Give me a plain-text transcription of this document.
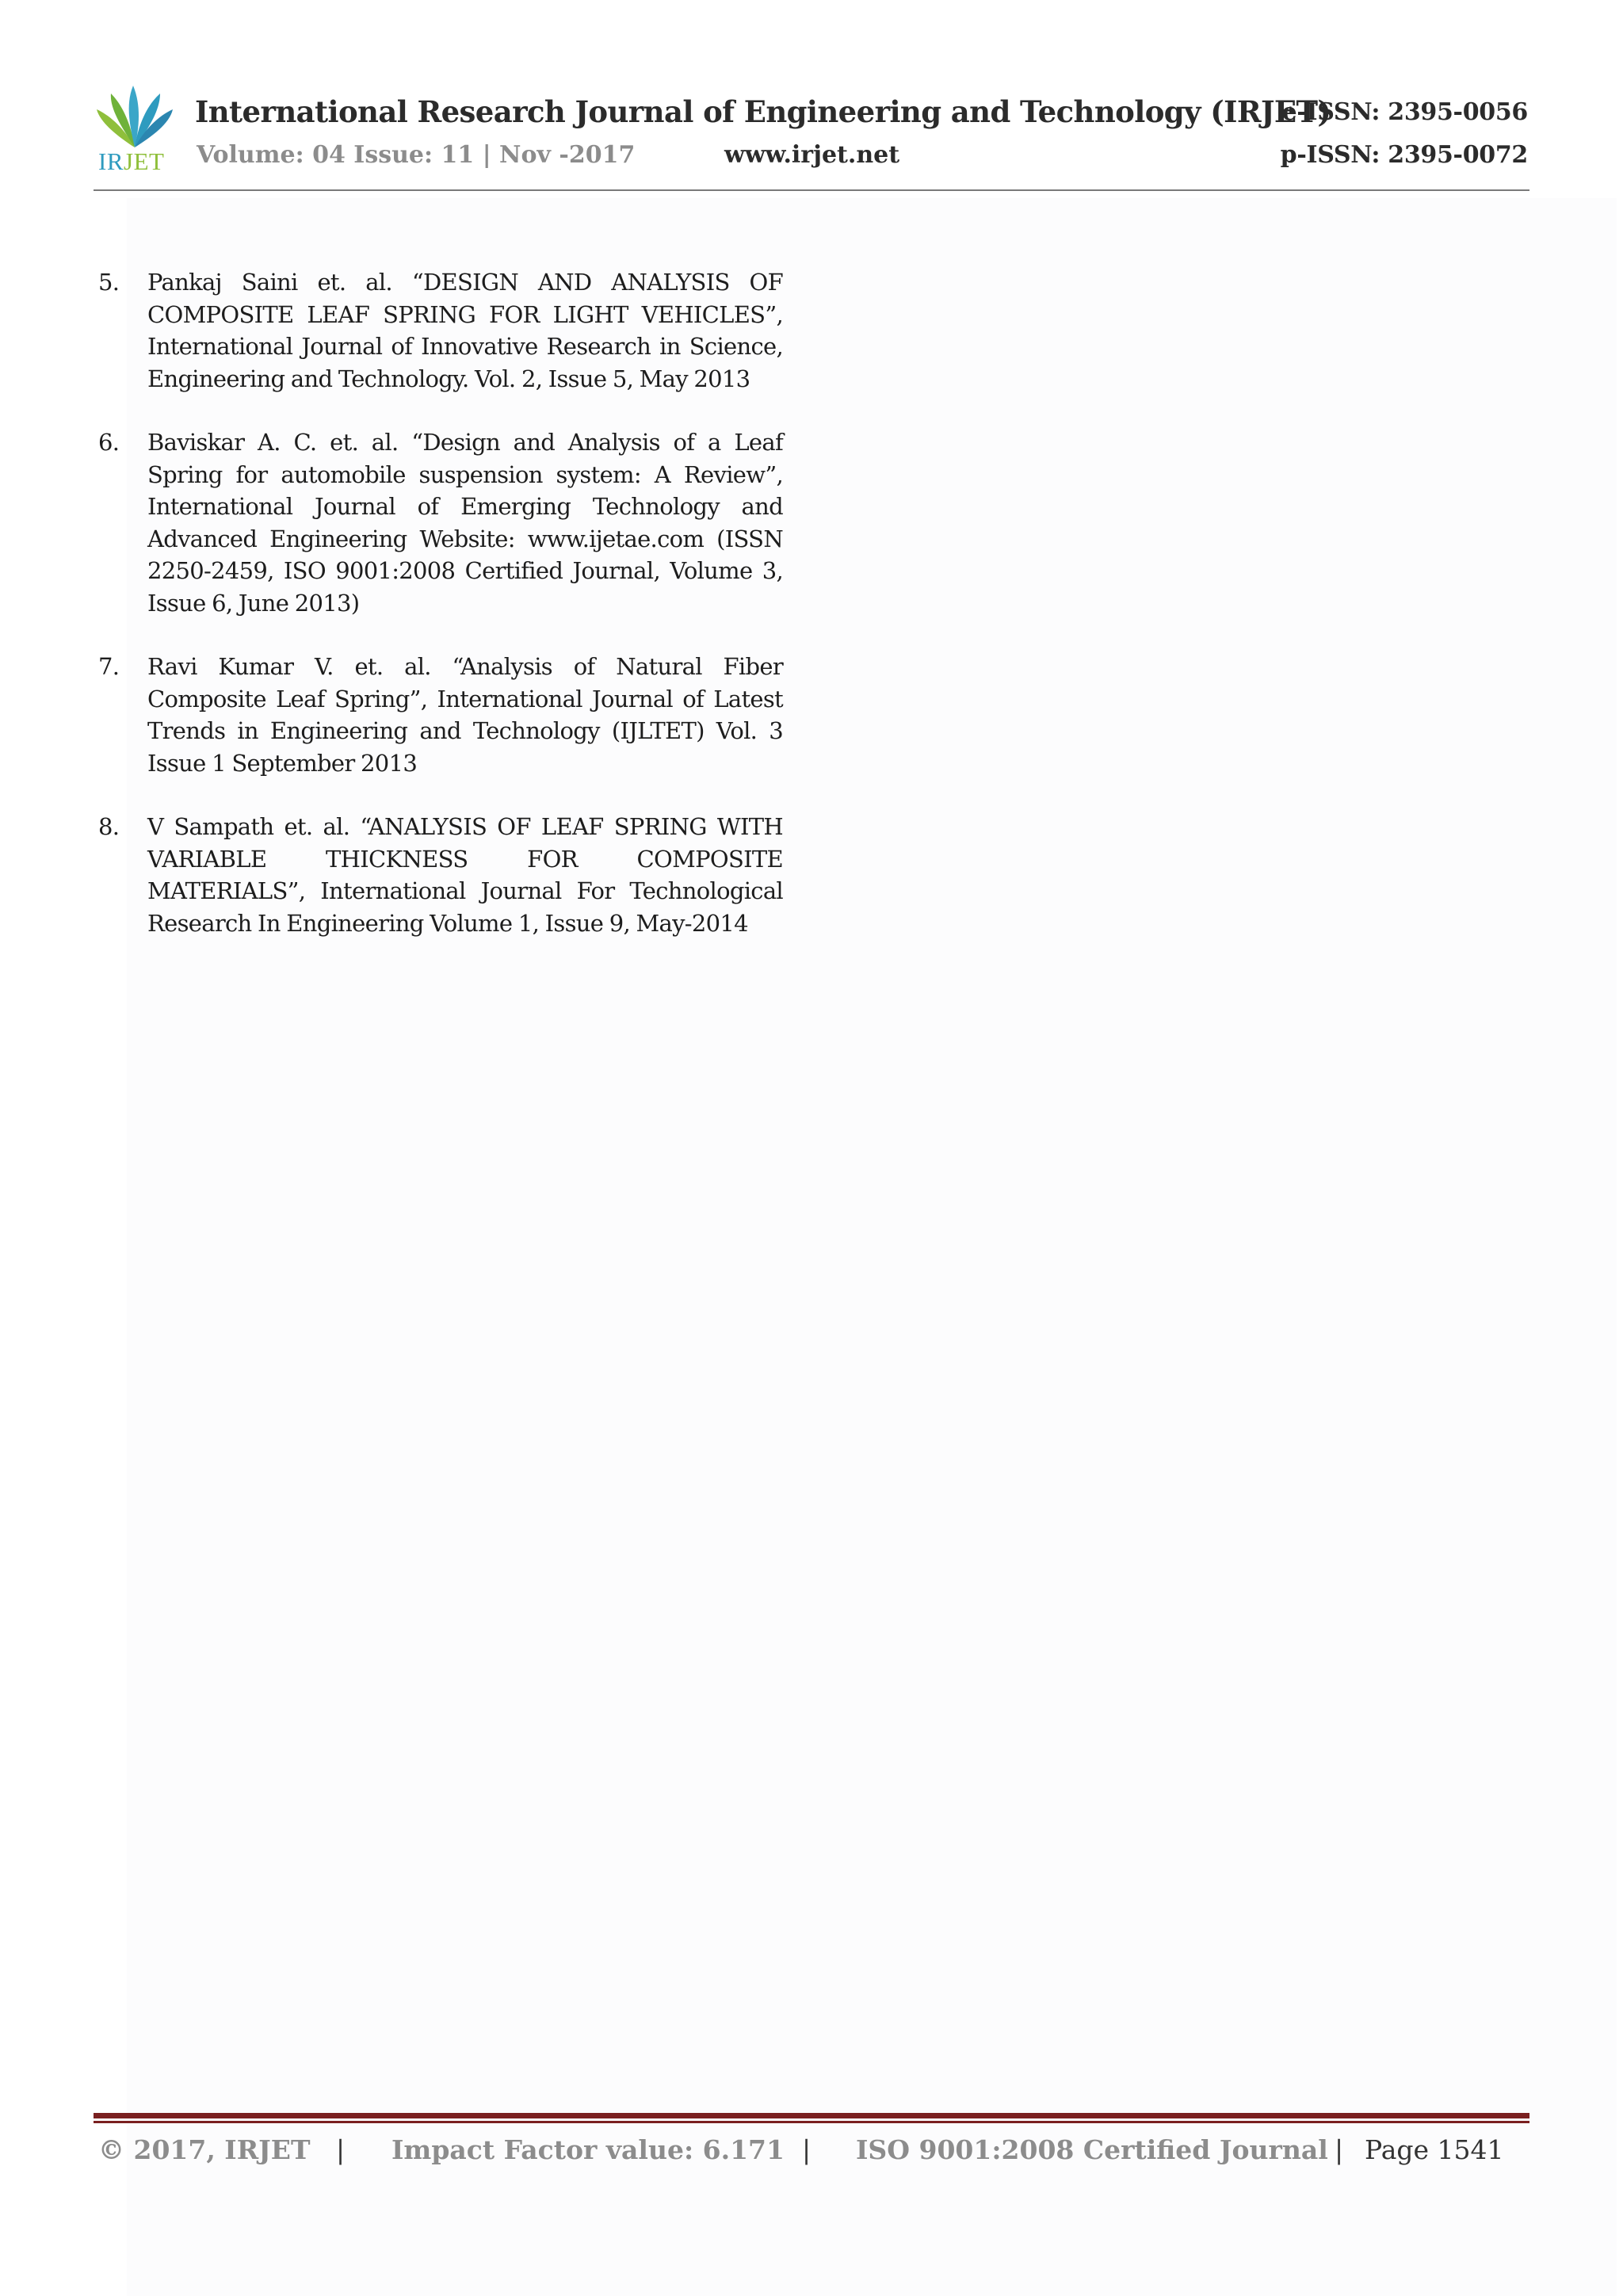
IRJET
International Research Journal of Engineering and Technology (IRJET)
Volume: 04 Issue: 11 | Nov -2017	www.irjet.net
e-ISSN: 2395-0056
p-ISSN: 2395-0072
5. Pankaj Saini et. al. “DESIGN AND ANALYSIS OF COMPOSITE LEAF SPRING FOR LIGHT VEHICLES”, International Journal of Innovative Research in Science, Engineering and Technology. Vol. 2, Issue 5, May 2013
6. Baviskar A. C. et. al. “Design and Analysis of a Leaf Spring for automobile suspension system: A Review”, International Journal of Emerging Technology and Advanced Engineering Website: www.ijetae.com (ISSN 2250-2459, ISO 9001:2008 Certified Journal, Volume 3, Issue 6, June 2013)
7. Ravi Kumar V. et. al. “Analysis of Natural Fiber Composite Leaf Spring”, International Journal of Latest Trends in Engineering and Technology (IJLTET) Vol. 3 Issue 1 September 2013
8. V Sampath et. al. “ANALYSIS OF LEAF SPRING WITH VARIABLE THICKNESS FOR COMPOSITE MATERIALS”, International Journal For Technological Research In Engineering Volume 1, Issue 9, May-2014
© 2017, IRJET | Impact Factor value: 6.171 | ISO 9001:2008 Certified Journal | Page 1541
